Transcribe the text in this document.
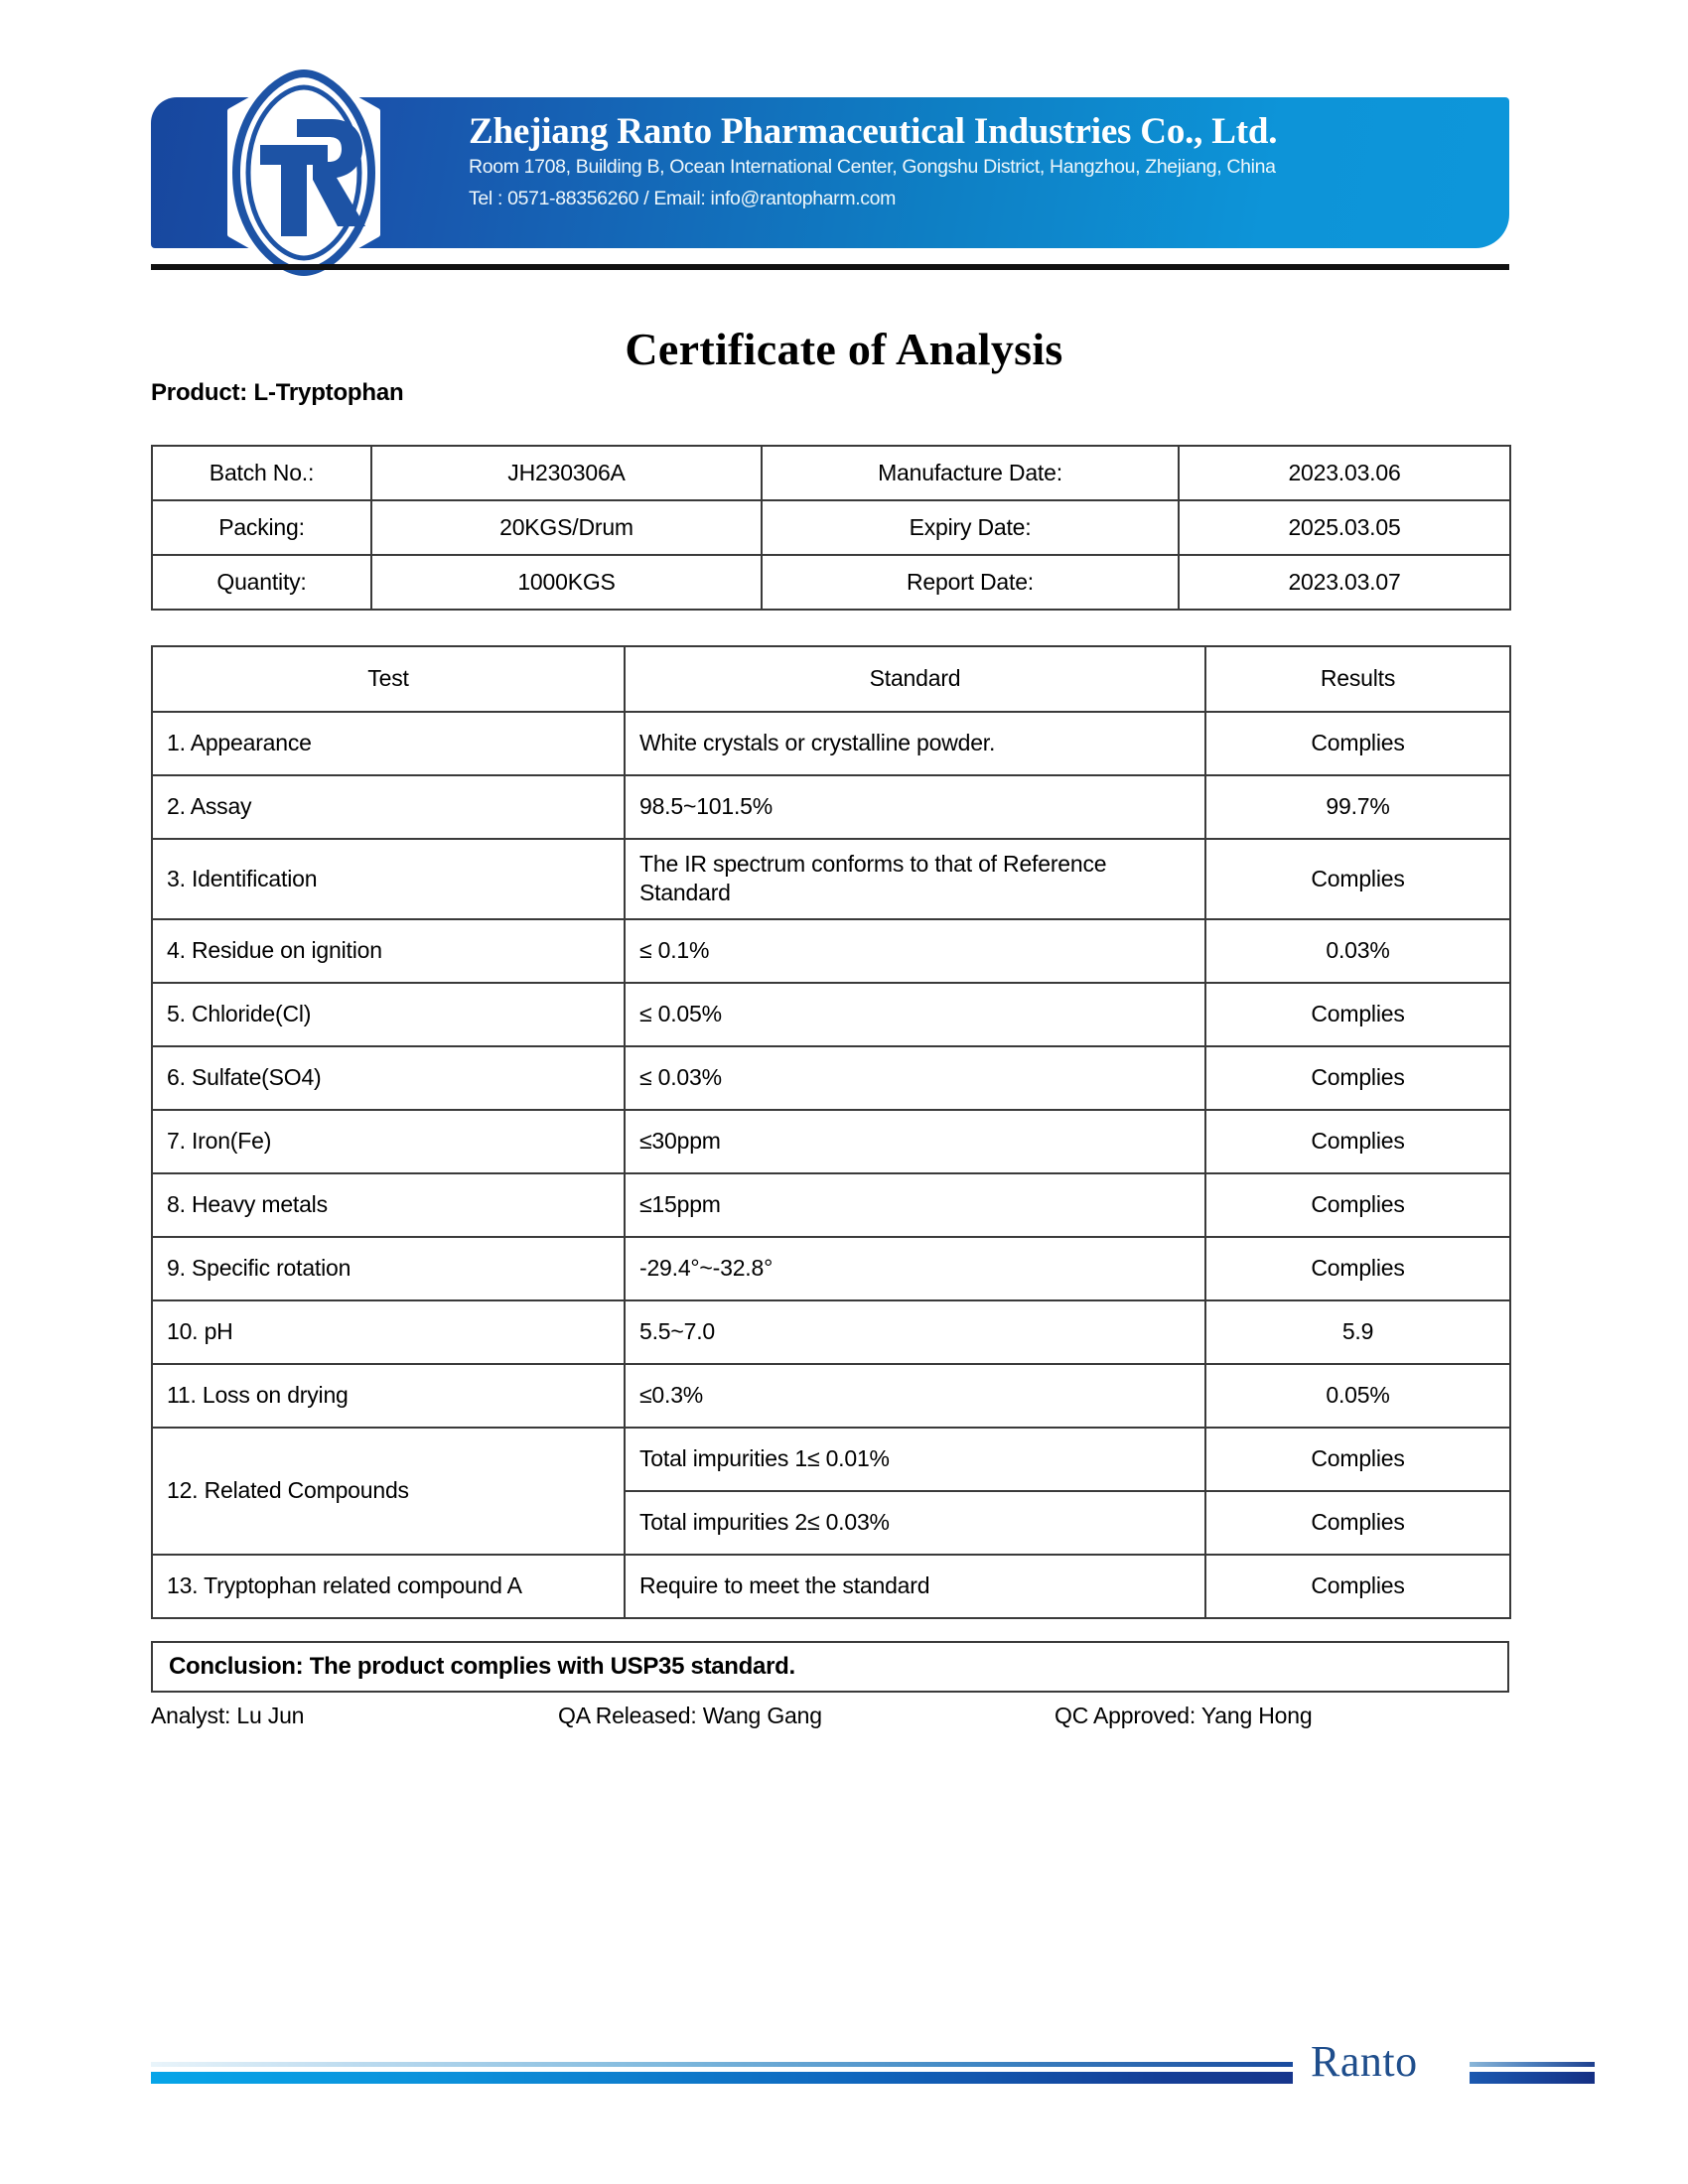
Zhejiang Ranto Pharmaceutical Industries Co., Ltd.
Room 1708, Building B, Ocean International Center, Gongshu District, Hangzhou, Zhejiang, China
Tel : 0571-88356260 / Email: info@rantopharm.com
Certificate of Analysis
Product: L-Tryptophan
Batch No.:	JH230306A	Manufacture Date:	2023.03.06
Packing:	20KGS/Drum	Expiry Date:	2025.03.05
Quantity:	1000KGS	Report Date:	2023.03.07
Test	Standard	Results
1. Appearance	White crystals or crystalline powder.	Complies
2. Assay	98.5~101.5%	99.7%
3. Identification	The IR spectrum conforms to that of Reference Standard	Complies
4. Residue on ignition	≤ 0.1%	0.03%
5. Chloride(Cl)	≤ 0.05%	Complies
6. Sulfate(SO4)	≤ 0.03%	Complies
7. Iron(Fe)	≤30ppm	Complies
8. Heavy metals	≤15ppm	Complies
9. Specific rotation	-29.4°~-32.8°	Complies
10. pH	5.5~7.0	5.9
11. Loss on drying	≤0.3%	0.05%
12. Related Compounds	Total impurities 1≤ 0.01%	Complies
	Total impurities 2≤ 0.03%	Complies
13. Tryptophan related compound A	Require to meet the standard	Complies
Conclusion: The product complies with USP35 standard.
Analyst: Lu Jun	QA Released: Wang Gang	QC Approved: Yang Hong
Ranto
